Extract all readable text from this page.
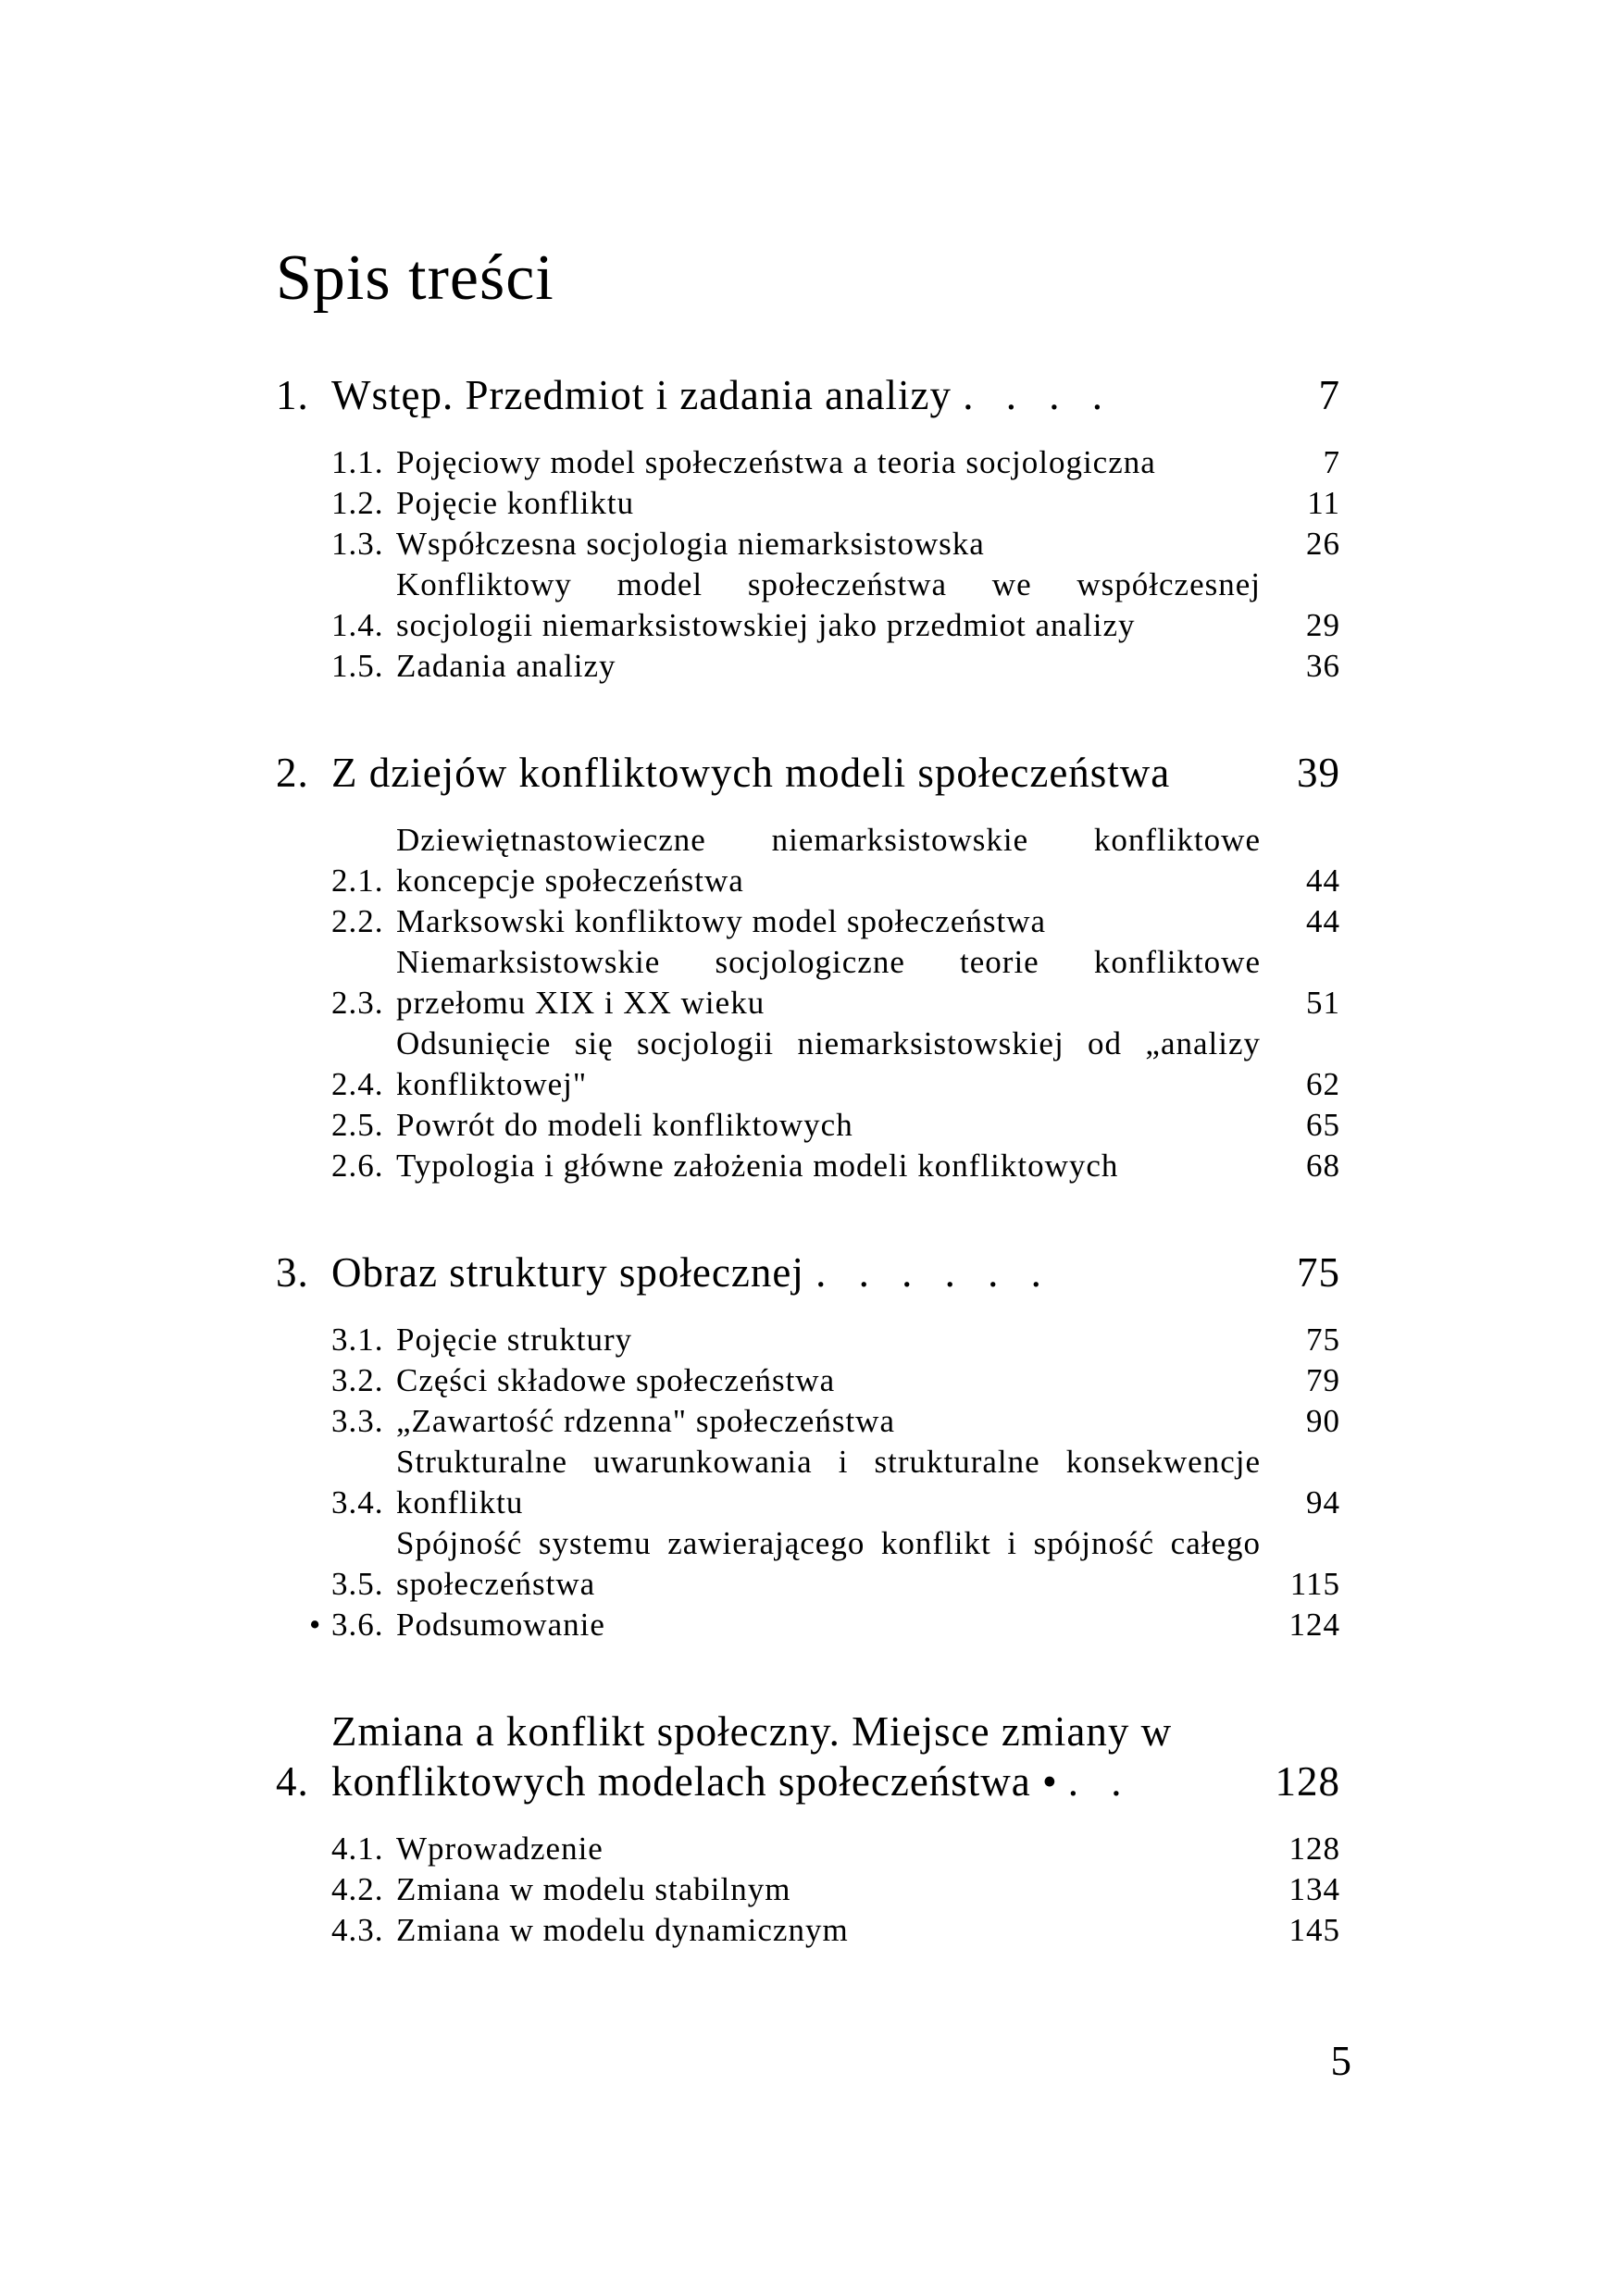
Spis treści
1. Wstęp. Przedmiot i zadania analizy . . . .	7
1.1. Pojęciowy model społeczeństwa a teoria socjologiczna	7
1.2. Pojęcie konfliktu	11
1.3. Współczesna socjologia niemarksistowska	26
1.4.
Konfliktowy model społeczeństwa we współczesnej socjologii niemarksistowskiej jako przedmiot analizy	29
1.5. Zadania analizy	36
2. Z dziejów konfliktowych modeli społeczeństwa	39
2.1.
Dziewiętnastowieczne niemarksistowskie konfliktowe koncepcje społeczeństwa	44
2.2. Marksowski konfliktowy model społeczeństwa	44
2.3.
Niemarksistowskie socjologiczne teorie konfliktowe przełomu XIX i XX wieku	51
2.4.
Odsunięcie się socjologii niemarksistowskiej od „analizy konfliktowej"	62
2.5. Powrót do modeli konfliktowych	65
2.6. Typologia i główne założenia modeli konfliktowych	68
3. Obraz struktury społecznej . . . . . .	75
3.1. Pojęcie struktury	75
3.2. Części składowe społeczeństwa	79
3.3. „Zawartość rdzenna" społeczeństwa	90
3.4.
Strukturalne uwarunkowania i strukturalne konsekwencje konfliktu	94
3.5.
Spójność systemu zawierającego konflikt i spójność całego społeczeństwa	115
• 3.6. Podsumowanie	124
4.
Zmiana a konflikt społeczny. Miejsce zmiany w konfliktowych modelach społeczeństwa •. .	128
4.1. Wprowadzenie	128
4.2. Zmiana w modelu stabilnym	134
4.3. Zmiana w modelu dynamicznym	145
5
